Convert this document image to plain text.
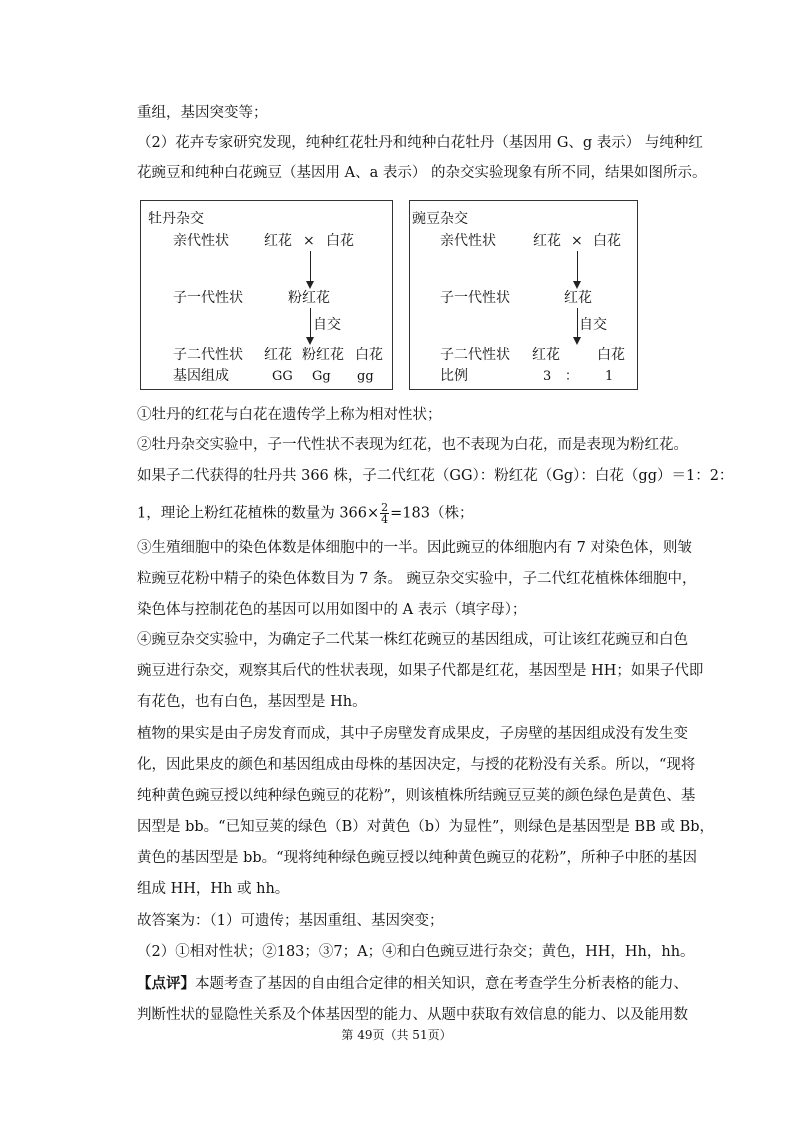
重组，基因突变等；
（2）花卉专家研究发现，纯种红花牡丹和纯种白花牡丹（基因用 G、g 表示） 与纯种红
花豌豆和纯种白花豌豆（基因用 A、a 表示） 的杂交实验现象有所不同，结果如图所示。
牡丹杂交
亲代性状	红花 × 白花
子一代性状	粉红花
自交
子二代性状 红花 粉红花 白花
基因组成	GG Gg gg
豌豆杂交
亲代性状	红花 × 白花
子一代性状	红花
自交
子二代性状 红花	白花
比例	3 ： 1
①牡丹的红花与白花在遗传学上称为相对性状；
②牡丹杂交实验中，子一代性状不表现为红花，也不表现为白花，而是表现为粉红花。
如果子二代获得的牡丹共 366 株，子二代红花（GG）：粉红花（Gg）：白花（gg）＝1：2：
1，理论上粉红花植株的数量为 $366\times \frac{2}{4} =183$（株；
③生殖细胞中的染色体数是体细胞中的一半。因此豌豆的体细胞内有 7 对染色体，则皱
粒豌豆花粉中精子的染色体数目为 7 条。 豌豆杂交实验中，子二代红花植株体细胞中，
染色体与控制花色的基因可以用如图中的 A 表示（填字母）；
④豌豆杂交实验中，为确定子二代某一株红花豌豆的基因组成，可让该红花豌豆和白色
豌豆进行杂交，观察其后代的性状表现，如果子代都是红花，基因型是 HH；如果子代即
有花色，也有白色，基因型是 Hh。
植物的果实是由子房发育而成，其中子房壁发育成果皮，子房壁的基因组成没有发生变
化，因此果皮的颜色和基因组成由母株的基因决定，与授的花粉没有关系。所以，“现将
纯种黄色豌豆授以纯种绿色豌豆的花粉”，则该植株所结豌豆豆荚的颜色绿色是黄色、基
因型是 bb。“已知豆荚的绿色（B）对黄色（b）为显性”，则绿色是基因型是 BB 或 Bb，
黄色的基因型是 bb。“现将纯种绿色豌豆授以纯种黄色豌豆的花粉”，所种子中胚的基因
组成 HH，Hh 或 hh。
故答案为：（1）可遗传；基因重组、基因突变；
（2）①相对性状；②183；③7；A；④和白色豌豆进行杂交；黄色，HH，Hh，hh。
【点评】本题考查了基因的自由组合定律的相关知识，意在考查学生分析表格的能力、
判断性状的显隐性关系及个体基因型的能力、从题中获取有效信息的能力、以及能用数
第 49页（共 51页）
